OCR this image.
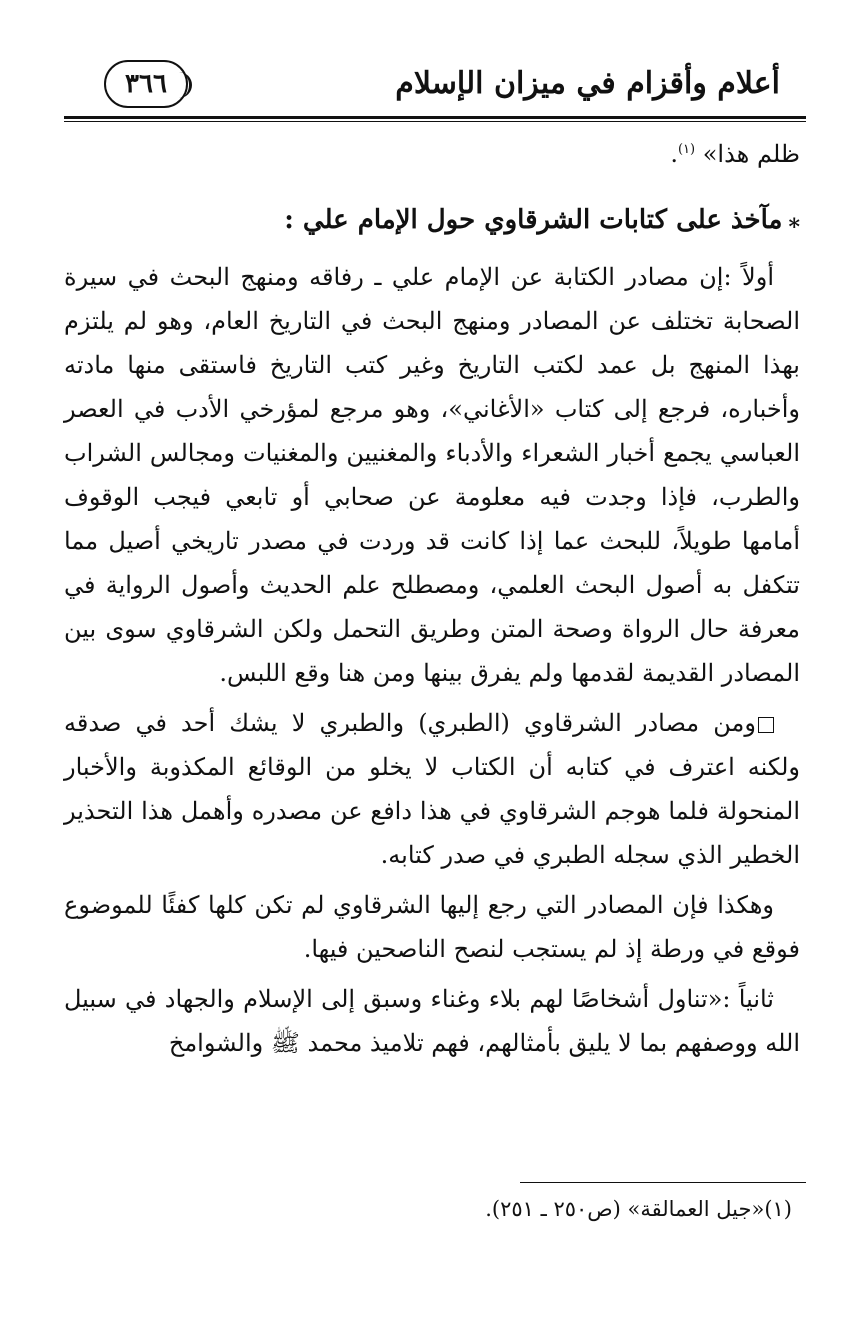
أعلام وأقزام في ميزان الإسلام
٣٦٦

ظلم هذا» $^{(١)}$.

⁎مآخذ على كتابات الشرقاوي حول الإمام علي :

أولاً :إن مصادر الكتابة عن الإمام علي ـ رفاقه ومنهج البحث في سيرة الصحابة تختلف عن المصادر ومنهج البحث في التاريخ العام، وهو لم يلتزم بهذا المنهج بل عمد لكتب التاريخ وغير كتب التاريخ فاستقى منها مادته وأخباره، فرجع إلى كتاب «الأغاني»، وهو مرجع لمؤرخي الأدب في العصر العباسي يجمع أخبار الشعراء والأدباء والمغنيين والمغنيات ومجالس الشراب والطرب، فإذا وجدت فيه معلومة عن صحابي أو تابعي فيجب الوقوف أمامها طويلاً، للبحث عما إذا كانت قد وردت في مصدر تاريخي أصيل مما تتكفل به أصول البحث العلمي، ومصطلح علم الحديث وأصول الرواية في معرفة حال الرواة وصحة المتن وطريق التحمل ولكن الشرقاوي سوى بين المصادر القديمة لقدمها ولم يفرق بينها ومن هنا وقع اللبس.

ومن مصادر الشرقاوي (الطبري) والطبري لا يشك أحد في صدقه ولكنه اعترف في كتابه أن الكتاب لا يخلو من الوقائع المكذوبة والأخبار المنحولة فلما هوجم الشرقاوي في هذا دافع عن مصدره وأهمل هذا التحذير الخطير الذي سجله الطبري في صدر كتابه.

وهكذا فإن المصادر التي رجع إليها الشرقاوي لم تكن كلها كفئًا للموضوع فوقع في ورطة إذ لم يستجب لنصح الناصحين فيها.

ثانياً :«تناول أشخاصًا لهم بلاء وغناء وسبق إلى الإسلام والجهاد في سبيل الله ووصفهم بما لا يليق بأمثالهم، فهم تلاميذ محمد ﷺ والشوامخ

(١)«جيل العمالقة» (ص٢٥٠ ـ ٢٥١).
